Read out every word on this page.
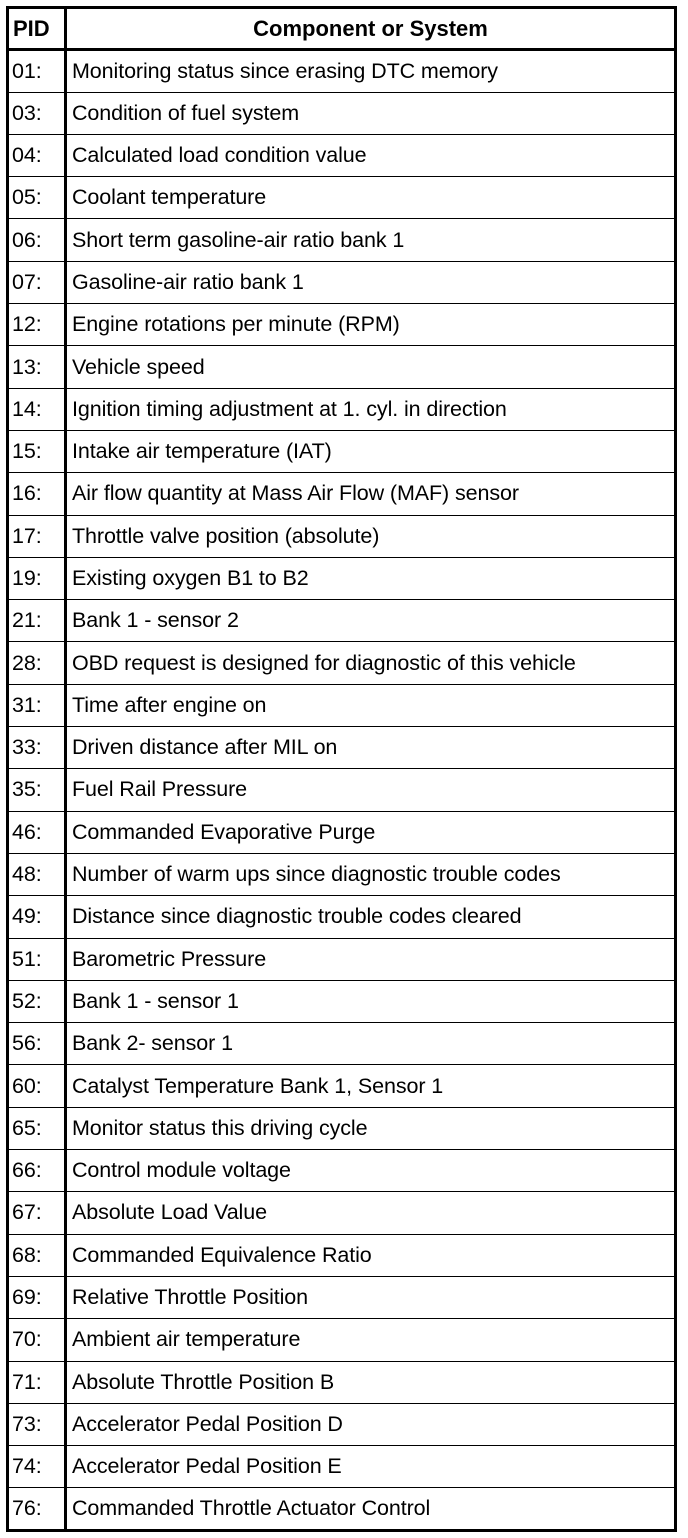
PID	Component or System
01:	Monitoring status since erasing DTC memory
03:	Condition of fuel system
04:	Calculated load condition value
05:	Coolant temperature
06:	Short term gasoline-air ratio bank 1
07:	Gasoline-air ratio bank 1
12:	Engine rotations per minute (RPM)
13:	Vehicle speed
14:	Ignition timing adjustment at 1. cyl. in direction
15:	Intake air temperature (IAT)
16:	Air flow quantity at Mass Air Flow (MAF) sensor
17:	Throttle valve position (absolute)
19:	Existing oxygen B1 to B2
21:	Bank 1 - sensor 2
28:	OBD request is designed for diagnostic of this vehicle
31:	Time after engine on
33:	Driven distance after MIL on
35:	Fuel Rail Pressure
46:	Commanded Evaporative Purge
48:	Number of warm ups since diagnostic trouble codes
49:	Distance since diagnostic trouble codes cleared
51:	Barometric Pressure
52:	Bank 1 - sensor 1
56:	Bank 2- sensor 1
60:	Catalyst Temperature Bank 1, Sensor 1
65:	Monitor status this driving cycle
66:	Control module voltage
67:	Absolute Load Value
68:	Commanded Equivalence Ratio
69:	Relative Throttle Position
70:	Ambient air temperature
71:	Absolute Throttle Position B
73:	Accelerator Pedal Position D
74:	Accelerator Pedal Position E
76:	Commanded Throttle Actuator Control
